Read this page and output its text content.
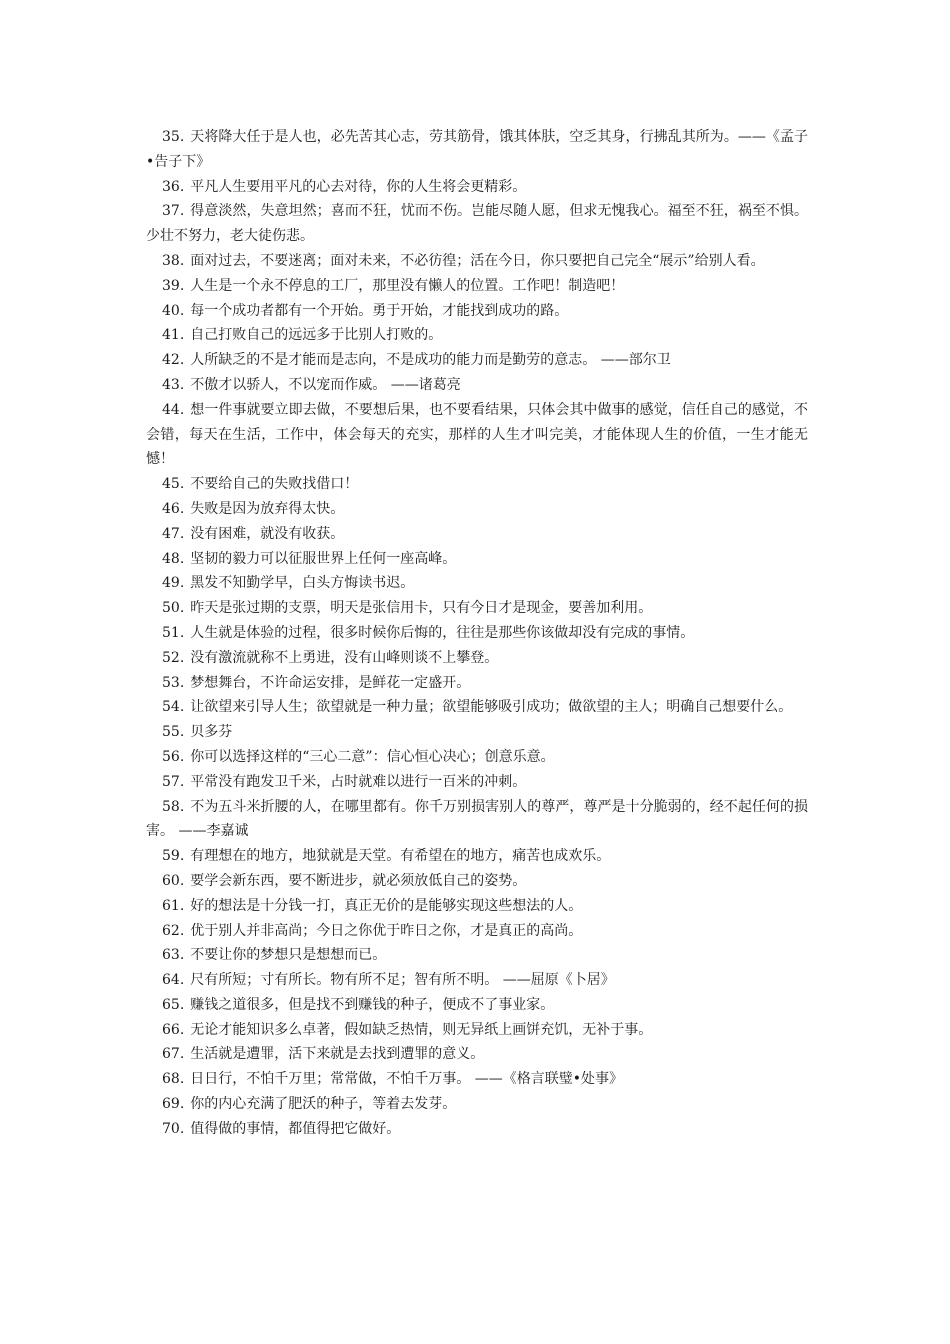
35. 天将降大任于是人也，必先苦其心志，劳其筋骨，饿其体肤，空乏其身，行拂乱其所为。——《孟子•告子下》

36. 平凡人生要用平凡的心去对待，你的人生将会更精彩。

37. 得意淡然，失意坦然；喜而不狂，忧而不伤。岂能尽随人愿，但求无愧我心。福至不狂，祸至不惧。少壮不努力，老大徒伤悲。

38. 面对过去，不要迷离；面对未来，不必彷徨；活在今日，你只要把自己完全“展示”给别人看。

39. 人生是一个永不停息的工厂，那里没有懒人的位置。工作吧！制造吧！

40. 每一个成功者都有一个开始。勇于开始，才能找到成功的路。

41. 自己打败自己的远远多于比别人打败的。

42. 人所缺乏的不是才能而是志向，不是成功的能力而是勤劳的意志。 ——部尔卫

43. 不傲才以骄人，不以宠而作威。 ——诸葛亮

44. 想一件事就要立即去做，不要想后果，也不要看结果，只体会其中做事的感觉，信任自己的感觉，不会错，每天在生活，工作中，体会每天的充实，那样的人生才叫完美，才能体现人生的价值，一生才能无憾！

45. 不要给自己的失败找借口！

46. 失败是因为放弃得太快。

47. 没有困难，就没有收获。

48. 坚韧的毅力可以征服世界上任何一座高峰。

49. 黑发不知勤学早，白头方悔读书迟。

50. 昨天是张过期的支票，明天是张信用卡，只有今日才是现金，要善加利用。

51. 人生就是体验的过程，很多时候你后悔的，往往是那些你该做却没有完成的事情。

52. 没有激流就称不上勇进，没有山峰则谈不上攀登。

53. 梦想舞台，不许命运安排，是鲜花一定盛开。

54. 让欲望来引导人生；欲望就是一种力量；欲望能够吸引成功；做欲望的主人；明确自己想要什么。

55. 贝多芬

56. 你可以选择这样的“三心二意”：信心恒心决心；创意乐意。

57. 平常没有跑发卫千米，占时就难以进行一百米的冲刺。

58. 不为五斗米折腰的人，在哪里都有。你千万别损害别人的尊严，尊严是十分脆弱的，经不起任何的损害。 ——李嘉诚

59. 有理想在的地方，地狱就是天堂。有希望在的地方，痛苦也成欢乐。

60. 要学会新东西，要不断进步，就必须放低自己的姿势。

61. 好的想法是十分钱一打，真正无价的是能够实现这些想法的人。

62. 优于别人并非高尚；今日之你优于昨日之你，才是真正的高尚。

63. 不要让你的梦想只是想想而已。

64. 尺有所短；寸有所长。物有所不足；智有所不明。 ——屈原《卜居》

65. 赚钱之道很多，但是找不到赚钱的种子，便成不了事业家。

66. 无论才能知识多么卓著，假如缺乏热情，则无异纸上画饼充饥，无补于事。

67. 生活就是遭罪，活下来就是去找到遭罪的意义。

68. 日日行，不怕千万里；常常做，不怕千万事。 ——《格言联璧•处事》

69. 你的内心充满了肥沃的种子，等着去发芽。

70. 值得做的事情，都值得把它做好。
